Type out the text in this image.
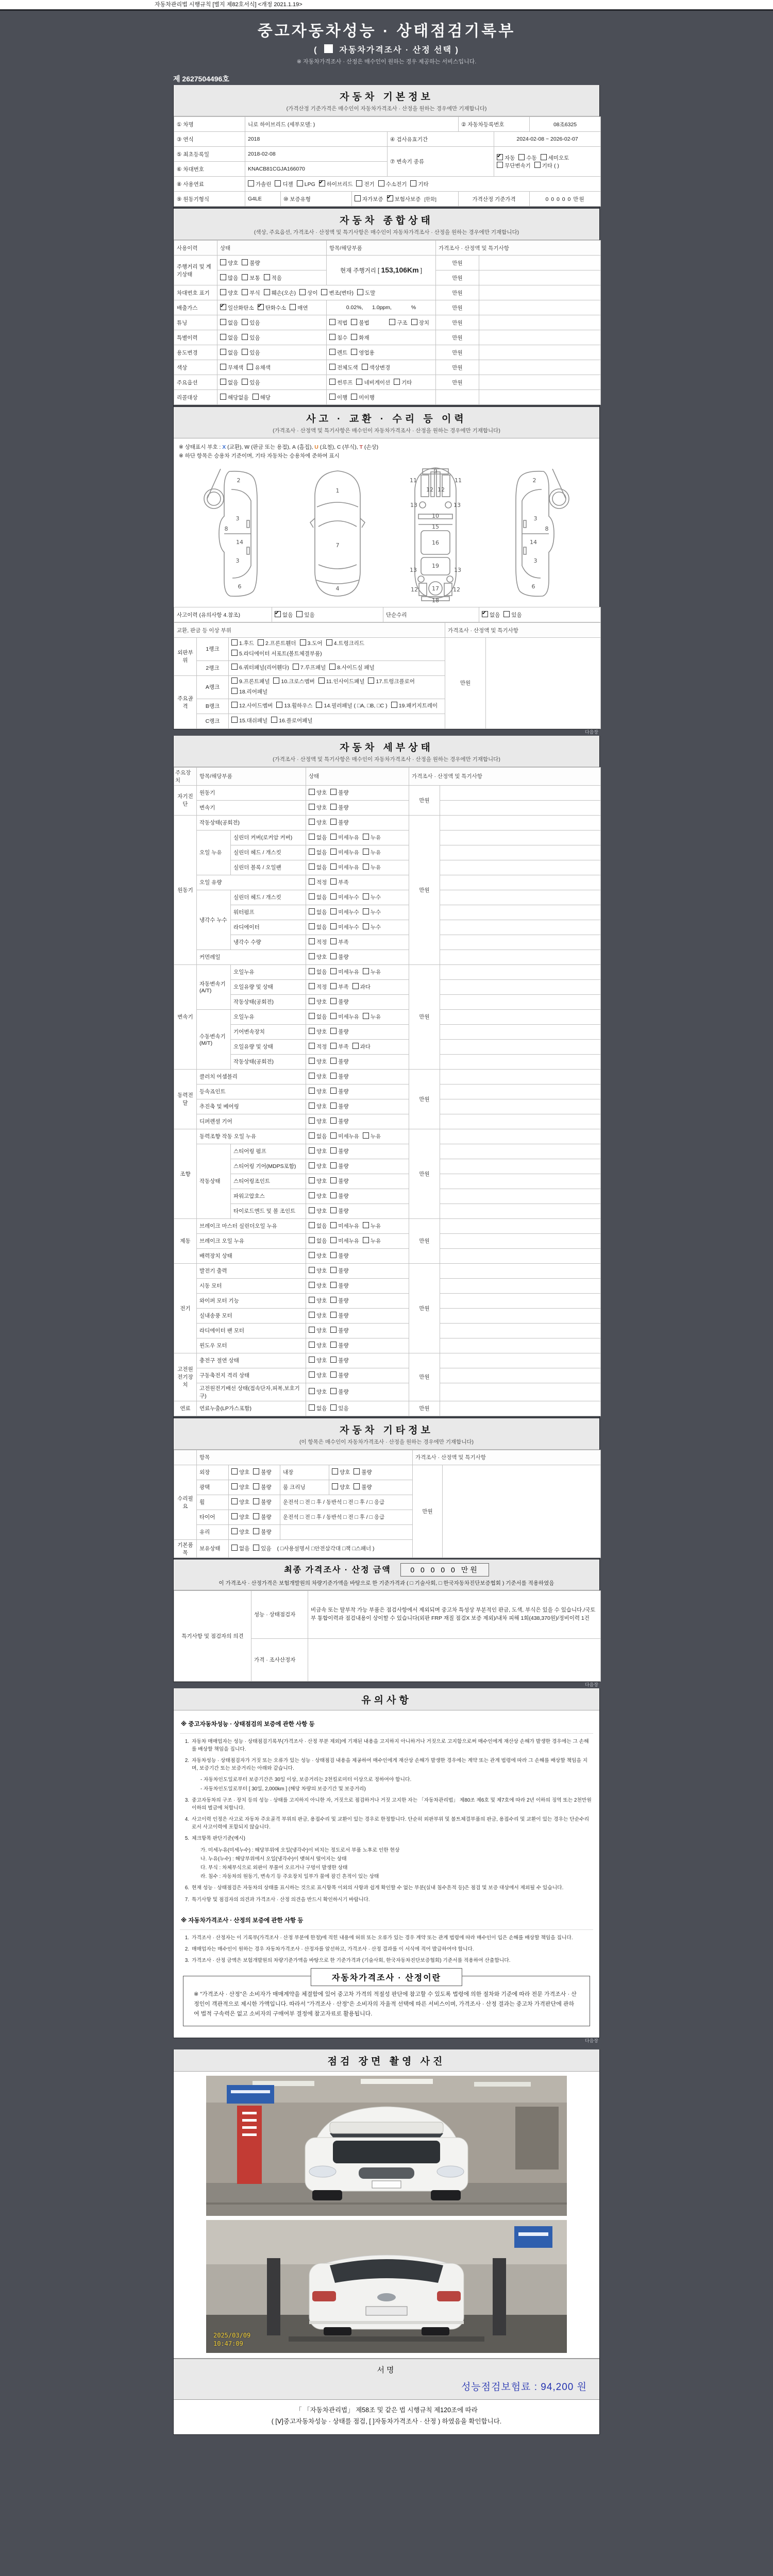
자동차관리법 시행규칙 [별지 제82호서식] <개정 2021.1.19>
중고자동차성능 · 상태점검기록부
(  자동차가격조사 · 산정 선택 )
※ 자동차가격조사 · 산정은 매수인이 원하는 경우 제공하는 서비스입니다.
제 2627504496호
자동차 기본정보

(가격산정 기준가격은 매수인이 자동차가격조사 · 산정을 원하는 경우에만 기재합니다)

① 차명	니로 하이브리드 (세부모델: )				② 자동차등록번호		08조6325
③ 연식	2018			④ 검사유효기간		2024-02-08 ~ 2026-02-07	
⑤ 최초등록일	2018-02-08			⑦ 변속기 종류	✔자동 수동 세미오토
무단변속기 기타 ( )
⑥ 차대번호	KNACB81CGJA166070						
⑧ 사용연료	가솔린 디젤 LPG ✔ 하이브리드 전기 수소전기 기타
⑨ 원동기형식	G4LE	⑩ 보증유형	자가보증 ✔ 보험사보증 [한화]		가격산정 기준가격		0 0 0 0 0 만원
자동차 종합상태

(색상, 주요옵션, 가격조사 · 산정액 및 특기사항은 매수인이 자동차가격조사 · 산정을 원하는 경우에만 기재합니다)

사용이력	상태	항목/해당부품	가격조사 · 산정액 및 특기사항	
주행거리 및 계기상태	양호 불량	현재 주행거리 [ 153,106Km ]	만원	
	많음 보통 적음		만원	
차대번호 표기	양호 부식 훼손(오손) 상이 변조(변타) 도말		만원	
배출가스	✔일산화탄소 ✔ 탄화수소 매연	0.02%,      1.0ppm,             %	만원	
튜닝	없음 있음	적법 불법 구조 장치	만원	
특별이력	없음 있음	침수 화재	만원	
용도변경	없음 있음	렌트 영업용	만원	
색상	무채색 유채색	전체도색 색상변경	만원	
주요옵션	없음 있음	썬루프 네비게이션 기타	만원	
리콜대상	해당없음 해당	이행 미이행		
사고 · 교환 · 수리 등 이력

(가격조사 · 산정액 및 특기사항은 매수인이 자동차가격조사 · 산정을 원하는 경우에만 기재합니다)

※ 상태표시 부호 : X (교환), W (판금 또는 용접), A (흠집), U (요철), C (부식), T (손상)
※ 하단 항목은 승용차 기준이며, 기타 자동차는 승용차에 준하여 표시
2
8
3
14
3
6
1
7
4
9
11	11
12 12
13	13
10
15
16
13	13
19
12 17 12
18
2
8
3
14
3
6
사고이력 (유의사항 4.참조)	✔없음 있음	단순수리	✔없음 있음
교환, 판금 등 이상 부위			가격조사 · 산정액 및 특기사항	
외판부위	1랭크	1.후드 2.프론트휀더 3.도어 4.트렁크리드5.라디에이터 서포트(볼트체결부품)	만원	
	2랭크	6.쿼터패널(리어휀다) 7.루프패널 8.사이드실 패널		
주요골격	A랭크	9.프론트패널 10.크로스멤버 11.인사이드패널 17.트렁크플로어18.리어패널		
	B랭크	12.사이드멤버 13.휠하우스 14.필러패널 ( □A, □B, □C ) 19.패키지트레이		
	C랭크	15.대쉬패널 16.플로어패널		
다음장
자동차 세부상태

(가격조사 · 산정액 및 특기사항은 매수인이 자동차가격조사 · 산정을 원하는 경우에만 기재합니다)

주요장치	항목/해당부품		상태	가격조사 · 산정액 및 특기사항	
자기진단	원동기		양호 불량	만원	
	변속기		양호 불량		
원동기	작동상태(공회전)		양호 불량	만원	
	오일 누유	실린더 커버(로커암 커버)	없음 미세누유 누유		
		실린더 헤드 / 개스킷	없음 미세누유 누유		
		실린더 블록 / 오일팬	없음 미세누유 누유		
	오일 유량		적정 부족		
	냉각수 누수	실린더 헤드 / 개스킷	없음 미세누수 누수		
		워터펌프	없음 미세누수 누수		
		라디에이터	없음 미세누수 누수		
		냉각수 수량	적정 부족		
	커먼레일		양호 불량		
변속기	자동변속기 (A/T)	오일누유	없음 미세누유 누유	만원	
		오일유량 및 상태	적정 부족 과다		
		작동상태(공회전)	양호 불량		
	수동변속기 (M/T)	오일누유	없음 미세누유 누유		
		기어변속장치	양호 불량		
		오일유량 및 상태	적정 부족 과다		
		작동상태(공회전)	양호 불량		
동력전달	클러치 어셈블리		양호 불량	만원	
	등속죠인트		양호 불량		
	추진축 및 베어링		양호 불량		
	디퍼렌셜 기어		양호 불량		
조향	동력조향 작동 오일 누유		없음 미세누유 누유	만원	
	작동상태	스티어링 펌프	양호 불량		
		스티어링 기어(MDPS포함)	양호 불량		
		스티어링조인트	양호 불량		
		파워고압호스	양호 불량		
		타이로드엔드 및 볼 조인트	양호 불량		
제동	브레이크 마스터 실린더오일 누유		없음 미세누유 누유	만원	
	브레이크 오일 누유		없음 미세누유 누유		
	배력장치 상태		양호 불량		
전기	발전기 출력		양호 불량	만원	
	시동 모터		양호 불량		
	와이퍼 모터 기능		양호 불량		
	실내송풍 모터		양호 불량		
	라디에이터 팬 모터		양호 불량		
	윈도우 모터		양호 불량		
고전원 전기장치	충전구 절연 상태		양호 불량	만원	
	구동축전지 격리 상태		양호 불량		
	고전원전기배선 상태(접속단자,피복,보호기구)		양호 불량		
연료	연료누출(LP가스포함)		없음 있음	만원	
자동차 기타정보

(이 항목은 매수인이 자동차가격조사 · 산정을 원하는 경우에만 기재합니다)

	항목				가격조사 · 산정액 및 특기사항	
수리필요	외장	양호 불량	내장	양호 불량	만원	
	광택	양호 불량	룸 크리닝	양호 불량		
	휠	양호 불량	운전석 □ 전 □ 후 / 동반석 □ 전 □ 후 / □ 응급			
	타이어	양호 불량	운전석 □ 전 □ 후 / 동반석 □ 전 □ 후 / □ 응급			
	유리	양호 불량				
기본품목	보유상태	없음 있음 ( □사용설명서 □안전삼각대 □잭 □스패너 )				
최종 가격조사 · 산정 금액	0 0 0 0 0 만원
이 가격조사 · 산정가격은 보험개발원의 차량기준가액을 바탕으로 한 기준가격과 ( □ 기술사회, □ 한국자동차진단보증협회 ) 기준서를 적용하였음
특기사항 및 점검자의 의견	성능 · 상태점검자	비금속 또는 탈부착 가능 부품은 점검사항에서 제외되며 중고차 특성상 부분적인 판금, 도색, 부식은 있을 수 있습니다./국토부 통합이력과 점검내용이 상이할 수 있습니다(외판 FRP 재질 점검X 보증 제외)/내차 피해 1회(438,370원)/정비이력 1건
	가격 · 조사산정자	
다음장
유의사항
※ 중고자동차성능 · 상태점검의 보증에 관한 사항 등
1. 자동차 매매업자는 성능 · 상태점검기록부(가격조사 · 산정 부분 제외)에 기재된 내용을 고지하지 아니하거나 거짓으로 고지함으로써 매수인에게 재산상 손해가 발생한 경우에는 그 손해를 배상할 책임을 집니다.
2. 자동차성능 · 상태점검자가 거짓 또는 오류가 있는 성능 · 상태점검 내용을 제공하여 매수인에게 재산상 손해가 발생한 경우에는 계약 또는 관계 법령에 따라 그 손해를 배상할 책임을 지며, 보증기간 또는 보증거리는 아래와 같습니다.
- 자동차인도일로부터 보증기간은 30일 이상, 보증거리는 2천킬로미터 이상으로 정하여야 합니다.
- 자동차인도일로부터 [ 30일, 2,000km ] (해당 차량의 보증기간 및 보증거리)
3. 중고자동차의 구조 · 장치 등의 성능 · 상태를 고지하지 아니한 자, 거짓으로 점검하거나 거짓 고지한 자는 「자동차관리법」 제80조 제6호 및 제7호에 따라 2년 이하의 징역 또는 2천만원 이하의 벌금에 처합니다.
4. 사고이력 인정은 사고로 자동차 주요골격 부위의 판금, 용접수리 및 교환이 있는 경우로 한정합니다. 단순히 외판부위 및 볼트체결부품의 판금, 용접수리 및 교환이 있는 경우는 단순수리로서 사고이력에 포함되지 않습니다.
5. 체크항목 판단기준(예시)
가. 미세누유(미세누수) : 해당부위에 오일(냉각수)이 비치는 정도로서 부품 노후로 인한 현상
나. 누유(누수) : 해당부위에서 오일(냉각수)이 맺혀서 떨어지는 상태
다. 부식 : 차체부식으로 외판이 부풀어 오르거나 구멍이 발생한 상태
라. 침수 : 자동차의 원동기, 변속기 등 주요장치 일부가 물에 잠긴 흔적이 있는 상태
6. 현재 성능 · 상태점검은 자동차의 상태를 표시하는 것으로 표시항목 이외의 사항과 쉽게 확인할 수 없는 부분(실내 침수흔적 등)은 점검 및 보증 대상에서 제외될 수 있습니다.
7. 특기사항 및 점검자의 의견과 가격조사 · 산정 의견을 반드시 확인하시기 바랍니다.
※ 자동차가격조사 · 산정의 보증에 관한 사항 등
1. 가격조사 · 산정자는 이 기록부(가격조사 · 산정 부분에 한정)에 적힌 내용에 허위 또는 오류가 있는 경우 계약 또는 관계 법령에 따라 매수인이 입은 손해를 배상할 책임을 집니다.
2. 매매업자는 매수인이 원하는 경우 자동차가격조사 · 산정자를 알선하고, 가격조사 · 산정 결과를 이 서식에 적어 발급하여야 합니다.
3. 가격조사 · 산정 금액은 보험개발원의 차량기준가액을 바탕으로 한 기준가격과 (기술사회, 한국자동차진단보증협회) 기준서를 적용하여 산출합니다.
자동차가격조사 · 산정이란
※ "가격조사 · 산정"은 소비자가 매매계약을 체결함에 있어 중고차 가격의 적절성 판단에 참고할 수 있도록 법령에 의한 절차와 기준에 따라 전문 가격조사 · 산정인이 객관적으로 제시한 가액입니다. 따라서 "가격조사 · 산정"은 소비자의 자율적 선택에 따른 서비스이며, 가격조사 · 산정 결과는 중고차 가격판단에 관하여 법적 구속력은 없고 소비자의 구매여부 결정에 참고자료로 활용됩니다.
다음장
점검 장면 촬영 사진
2025/03/09
10:47:09
서명
성능점검보험료 : 94,200 원
「 「자동차관리법」 제58조 및 같은 법 시행규칙 제120조에 따라
( [Ⅴ]중고자동차성능 · 상태를 점검, [ ]자동차가격조사 · 산정 ) 하였음을 확인합니다.
